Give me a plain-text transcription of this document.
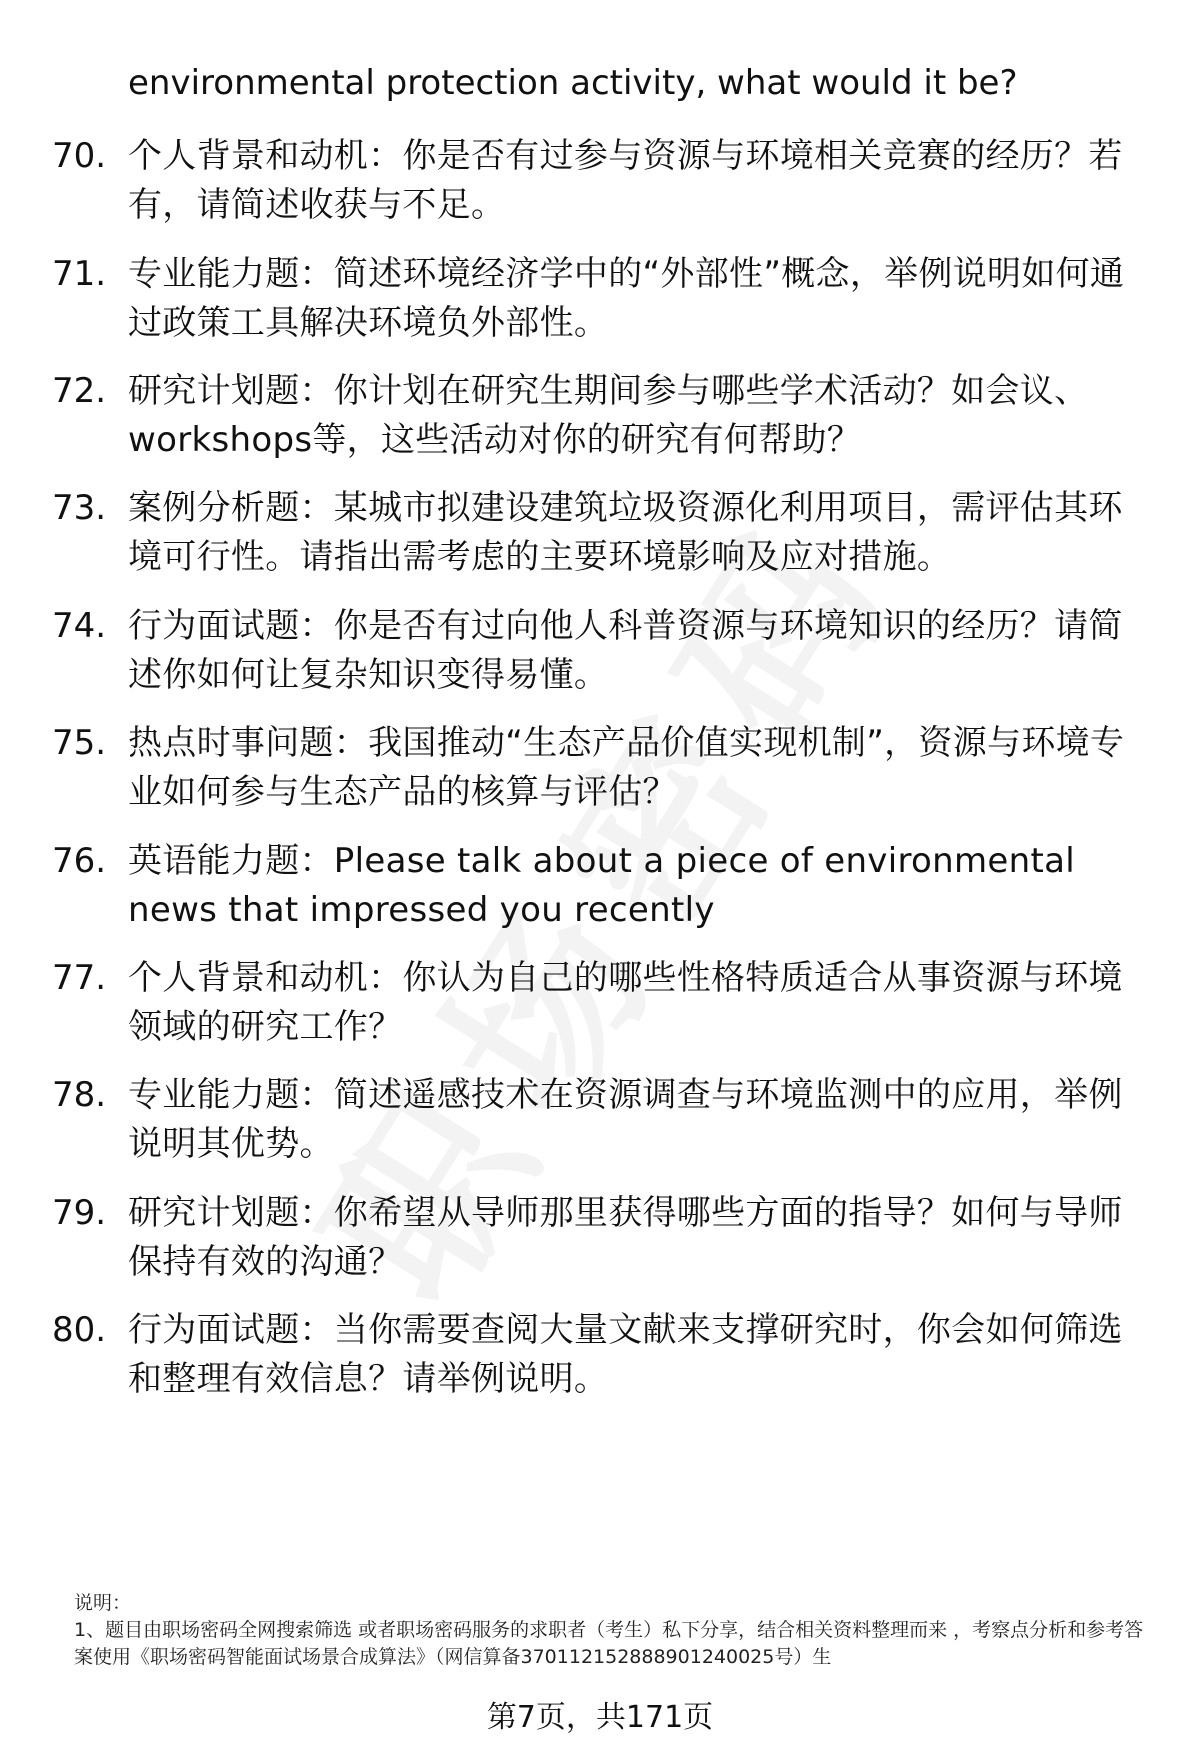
environmental protection activity, what would it be?
70. 个人背景和动机：你是否有过参与资源与环境相关竞赛的经历？若有，请简述收获与不足。
71. 专业能力题：简述环境经济学中的“外部性”概念，举例说明如何通过政策工具解决环境负外部性。
72. 研究计划题：你计划在研究生期间参与哪些学术活动？如会议、workshops等，这些活动对你的研究有何帮助？
73. 案例分析题：某城市拟建设建筑垃圾资源化利用项目，需评估其环境可行性。请指出需考虑的主要环境影响及应对措施。
74. 行为面试题：你是否有过向他人科普资源与环境知识的经历？请简述你如何让复杂知识变得易懂。
75. 热点时事问题：我国推动“生态产品价值实现机制”，资源与环境专业如何参与生态产品的核算与评估？
76. 英语能力题：Please talk about a piece of environmental news that impressed you recently
77. 个人背景和动机：你认为自己的哪些性格特质适合从事资源与环境领域的研究工作？
78. 专业能力题：简述遥感技术在资源调查与环境监测中的应用，举例说明其优势。
79. 研究计划题：你希望从导师那里获得哪些方面的指导？如何与导师保持有效的沟通？
80. 行为面试题：当你需要查阅大量文献来支撑研究时，你会如何筛选和整理有效信息？请举例说明。
说明：
1、题目由职场密码全网搜索筛选 或者职场密码服务的求职者（考生）私下分享，结合相关资料整理而来 ，考察点分析和参考答案使用《职场密码智能面试场景合成算法》（网信算备370112152888901240025号）生
第7页，共171页
